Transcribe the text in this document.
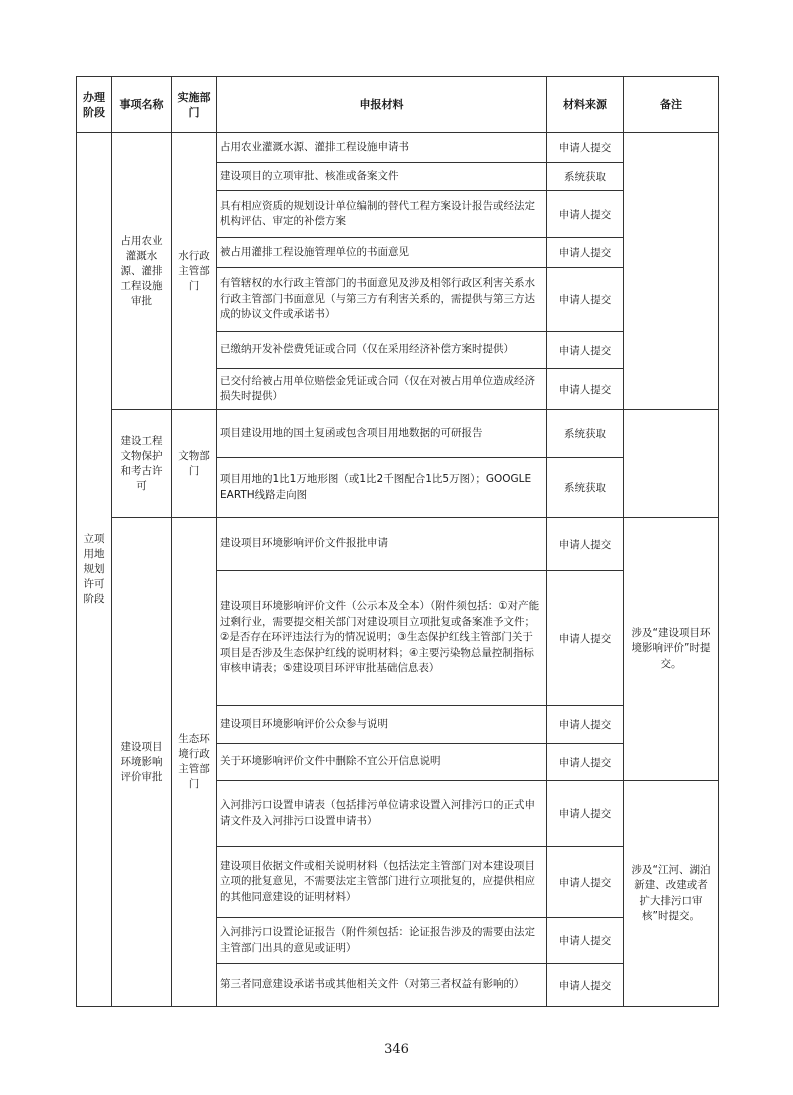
办理阶段	事项名称	实施部门	申报材料	材料来源	备注
立项用地规划许可阶段	占用农业灌溉水源、灌排工程设施审批	水行政主管部门	占用农业灌溉水源、灌排工程设施申请书	申请人提交	
			建设项目的立项审批、核准或备案文件	系统获取	
			具有相应资质的规划设计单位编制的替代工程方案设计报告或经法定机构评估、审定的补偿方案	申请人提交	
			被占用灌排工程设施管理单位的书面意见	申请人提交	
			有管辖权的水行政主管部门的书面意见及涉及相邻行政区利害关系水行政主管部门书面意见（与第三方有利害关系的，需提供与第三方达成的协议文件或承诺书）	申请人提交	
			已缴纳开发补偿费凭证或合同（仅在采用经济补偿方案时提供）	申请人提交	
			已交付给被占用单位赔偿金凭证或合同（仅在对被占用单位造成经济损失时提供）	申请人提交	
	建设工程文物保护和考古许可	文物部门	项目建设用地的国土复函或包含项目用地数据的可研报告	系统获取	
			项目用地的1比1万地形图（或1比2千图配合1比5万图）；GOOGLE EARTH线路走向图	系统获取	
	建设项目环境影响评价审批	生态环境行政主管部门	建设项目环境影响评价文件报批申请	申请人提交	涉及“建设项目环境影响评价”时提交。
			建设项目环境影响评价文件（公示本及全本）（附件须包括：①对产能过剩行业，需要提交相关部门对建设项目立项批复或备案准予文件；②是否存在环评违法行为的情况说明；③生态保护红线主管部门关于项目是否涉及生态保护红线的说明材料；④主要污染物总量控制指标审核申请表；⑤建设项目环评审批基础信息表）	申请人提交	
			建设项目环境影响评价公众参与说明	申请人提交	
			关于环境影响评价文件中删除不宜公开信息说明	申请人提交	
			入河排污口设置申请表（包括排污单位请求设置入河排污口的正式申请文件及入河排污口设置申请书）	申请人提交	涉及“江河、湖泊新建、改建或者扩大排污口审核”时提交。
			建设项目依据文件或相关说明材料（包括法定主管部门对本建设项目立项的批复意见，不需要法定主管部门进行立项批复的，应提供相应的其他同意建设的证明材料）	申请人提交	
			入河排污口设置论证报告（附件须包括：论证报告涉及的需要由法定主管部门出具的意见或证明）	申请人提交	
			第三者同意建设承诺书或其他相关文件（对第三者权益有影响的）	申请人提交	
346
